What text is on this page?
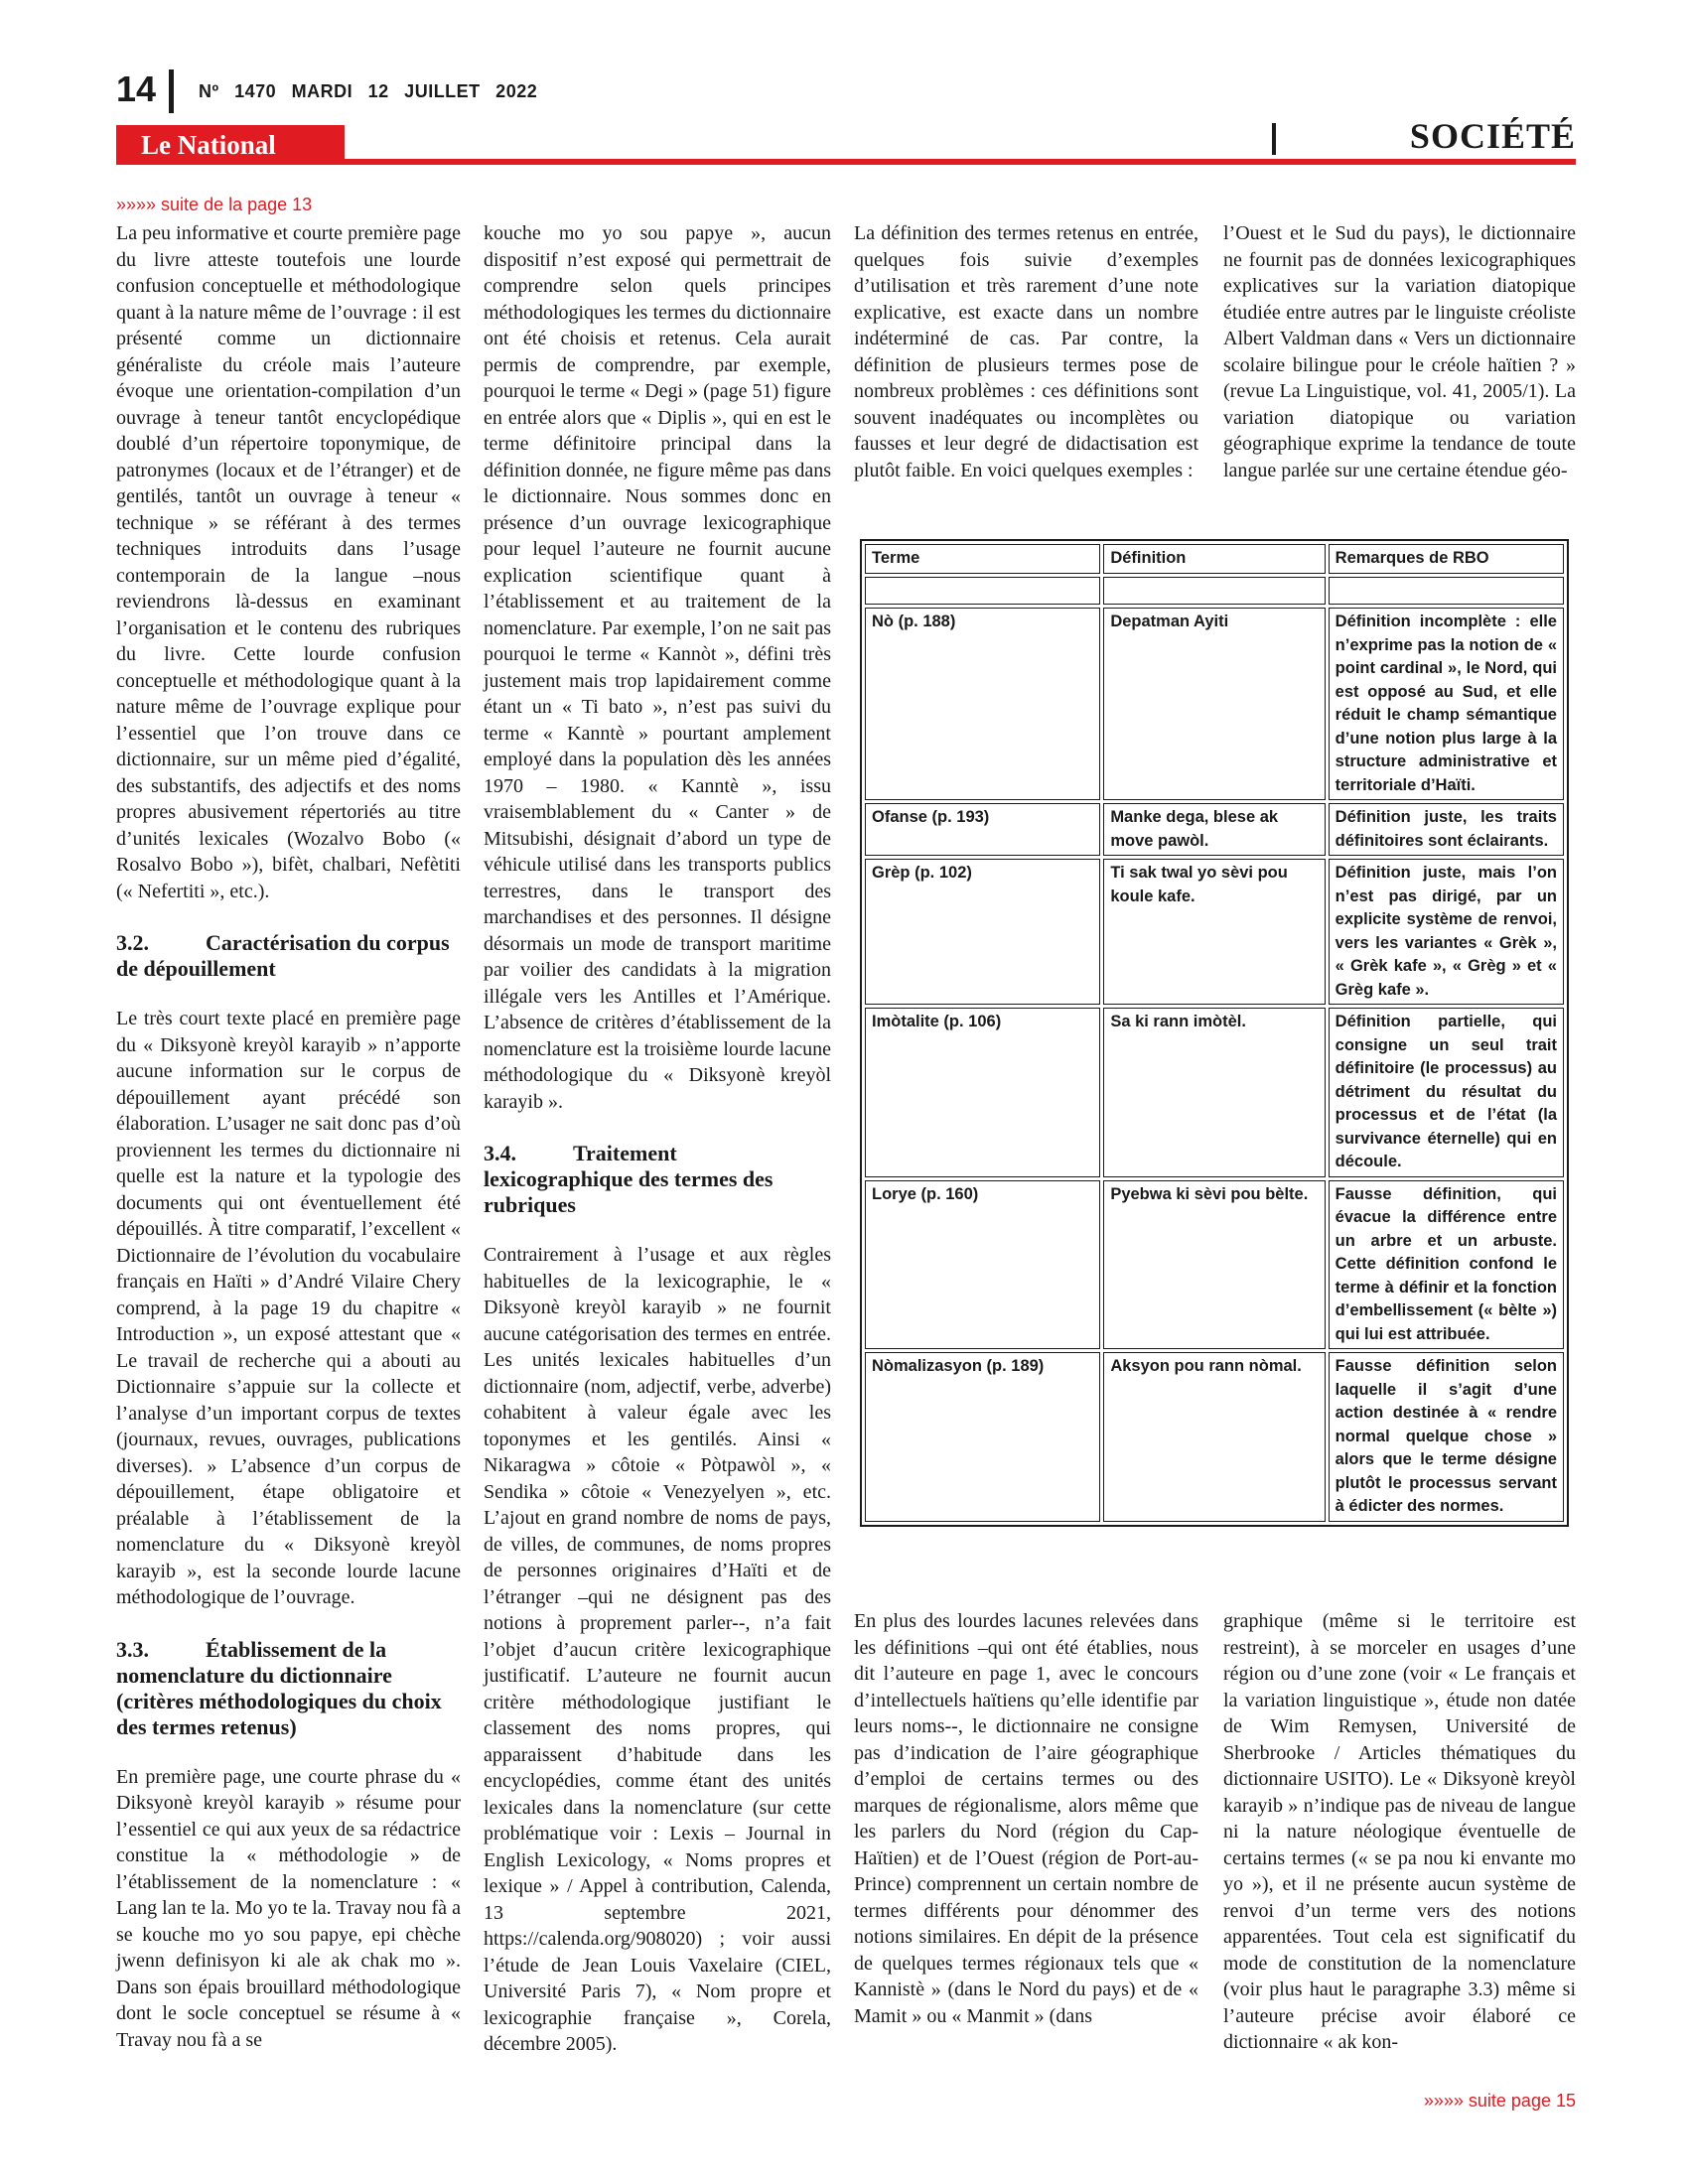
14 Nº 1470 MARDI 12 JUILLET 2022
Le National	SOCIÉTÉ
»»»» suite de la page 13

La peu informative et courte première page du livre atteste toutefois une lourde confusion conceptuelle et méthodologique quant à la nature même de l’ouvrage : il est présenté comme un dictionnaire généraliste du créole mais l’auteure évoque une orientation-compilation d’un ouvrage à teneur tantôt encyclopédique doublé d’un répertoire toponymique, de patronymes (locaux et de l’étranger) et de gentilés, tantôt un ouvrage à teneur « technique » se référant à des termes techniques introduits dans l’usage contemporain de la langue –nous reviendrons là-dessus en examinant l’organisation et le contenu des rubriques du livre. Cette lourde confusion conceptuelle et méthodologique quant à la nature même de l’ouvrage explique pour l’essentiel que l’on trouve dans ce dictionnaire, sur un même pied d’égalité, des substantifs, des adjectifs et des noms propres abusivement répertoriés au titre d’unités lexicales (Wozalvo Bobo (« Rosalvo Bobo »), bifèt, chalbari, Nefètiti (« Nefertiti », etc.).

3.2.	Caractérisation du corpus de dépouillement

Le très court texte placé en première page du « Diksyonè kreyòl karayib » n’apporte aucune information sur le corpus de dépouillement ayant précédé son élaboration. L’usager ne sait donc pas d’où proviennent les termes du dictionnaire ni quelle est la nature et la typologie des documents qui ont éventuellement été dépouillés. À titre comparatif, l’excellent « Dictionnaire de l’évolution du vocabulaire français en Haïti » d’André Vilaire Chery comprend, à la page 19 du chapitre « Introduction », un exposé attestant que « Le travail de recherche qui a abouti au Dictionnaire s’appuie sur la collecte et l’analyse d’un important corpus de textes (journaux, revues, ouvrages, publications diverses). » L’absence d’un corpus de dépouillement, étape obligatoire et préalable à l’établissement de la nomenclature du « Diksyonè kreyòl karayib », est la seconde lourde lacune méthodologique de l’ouvrage.

3.3.	Établissement de la nomenclature du dictionnaire (critères méthodologiques du choix des termes retenus)

En première page, une courte phrase du « Diksyonè kreyòl karayib » résume pour l’essentiel ce qui aux yeux de sa rédactrice constitue la « méthodologie » de l’établissement de la nomenclature : « Lang lan te la. Mo yo te la. Travay nou fà a se kouche mo yo sou papye, epi chèche jwenn definisyon ki ale ak chak mo ». Dans son épais brouillard méthodologique dont le socle conceptuel se résume à « Travay nou fà a se

kouche mo yo sou papye », aucun dispositif n’est exposé qui permettrait de comprendre selon quels principes méthodologiques les termes du dictionnaire ont été choisis et retenus. Cela aurait permis de comprendre, par exemple, pourquoi le terme « Degi » (page 51) figure en entrée alors que « Diplis », qui en est le terme définitoire principal dans la définition donnée, ne figure même pas dans le dictionnaire. Nous sommes donc en présence d’un ouvrage lexicographique pour lequel l’auteure ne fournit aucune explication scientifique quant à l’établissement et au traitement de la nomenclature. Par exemple, l’on ne sait pas pourquoi le terme « Kannòt », défini très justement mais trop lapidairement comme étant un « Ti bato », n’est pas suivi du terme « Kanntè » pourtant amplement employé dans la population dès les années 1970 – 1980. « Kanntè », issu vraisemblablement du « Canter » de Mitsubishi, désignait d’abord un type de véhicule utilisé dans les transports publics terrestres, dans le transport des marchandises et des personnes. Il désigne désormais un mode de transport maritime par voilier des candidats à la migration illégale vers les Antilles et l’Amérique. L’absence de critères d’établissement de la nomenclature est la troisième lourde lacune méthodologique du « Diksyonè kreyòl karayib ».

3.4.	Traitement lexicographique des termes des rubriques

Contrairement à l’usage et aux règles habituelles de la lexicographie, le « Diksyonè kreyòl karayib » ne fournit aucune catégorisation des termes en entrée. Les unités lexicales habituelles d’un dictionnaire (nom, adjectif, verbe, adverbe) cohabitent à valeur égale avec les toponymes et les gentilés. Ainsi « Nikaragwa » côtoie « Pòtpawòl », « Sendika » côtoie « Venezyelyen », etc. L’ajout en grand nombre de noms de pays, de villes, de communes, de noms propres de personnes originaires d’Haïti et de l’étranger –qui ne désignent pas des notions à proprement parler--, n’a fait l’objet d’aucun critère lexicographique justificatif. L’auteure ne fournit aucun critère méthodologique justifiant le classement des noms propres, qui apparaissent d’habitude dans les encyclopédies, comme étant des unités lexicales dans la nomenclature (sur cette problématique voir : Lexis – Journal in English Lexicology, « Noms propres et lexique » / Appel à contribution, Calenda, 13 septembre 2021, https://calenda.org/908020) ; voir aussi l’étude de Jean Louis Vaxelaire (CIEL, Université Paris 7), « Nom propre et lexicographie française », Corela, décembre 2005).

La définition des termes retenus en entrée, quelques fois suivie d’exemples d’utilisation et très rarement d’une note explicative, est exacte dans un nombre indéterminé de cas. Par contre, la définition de plusieurs termes pose de nombreux problèmes : ces définitions sont souvent inadéquates ou incomplètes ou fausses et leur degré de didactisation est plutôt faible. En voici quelques exemples :

l’Ouest et le Sud du pays), le dictionnaire ne fournit pas de données lexicographiques explicatives sur la variation diatopique étudiée entre autres par le linguiste créoliste Albert Valdman dans « Vers un dictionnaire scolaire bilingue pour le créole haïtien ? » (revue La Linguistique, vol. 41, 2005/1). La variation diatopique ou variation géographique exprime la tendance de toute langue parlée sur une certaine étendue géo-

Terme	Définition	Remarques de RBO

Nò (p. 188)	Depatman Ayiti	Définition incomplète : elle n’exprime pas la notion de « point cardinal », le Nord, qui est opposé au Sud, et elle réduit le champ sémantique d’une notion plus large à la structure administrative et territoriale d’Haïti.
Ofanse (p. 193)	Manke dega, blese ak move pawòl.	Définition juste, les traits définitoires sont éclairants.
Grèp (p. 102)	Ti sak twal yo sèvi pou koule kafe.	Définition juste, mais l’on n’est pas dirigé, par un explicite système de renvoi, vers les variantes « Grèk », « Grèk kafe », « Grèg » et « Grèg kafe ».
Imòtalite (p. 106)	Sa ki rann imòtèl.	Définition partielle, qui consigne un seul trait définitoire (le processus) au détriment du résultat du processus et de l’état (la survivance éternelle) qui en découle.
Lorye (p. 160)	Pyebwa ki sèvi pou bèlte.	Fausse définition, qui évacue la différence entre un arbre et un arbuste. Cette définition confond le terme à définir et la fonction d’embellissement (« bèlte ») qui lui est attribuée.
Nòmalizasyon (p. 189)	Aksyon pou rann nòmal.	Fausse définition selon laquelle il s’agit d’une action destinée à « rendre normal quelque chose » alors que le terme désigne plutôt le processus servant à édicter des normes.

En plus des lourdes lacunes relevées dans les définitions –qui ont été établies, nous dit l’auteure en page 1, avec le concours d’intellectuels haïtiens qu’elle identifie par leurs noms--, le dictionnaire ne consigne pas d’indication de l’aire géographique d’emploi de certains termes ou des marques de régionalisme, alors même que les parlers du Nord (région du Cap-Haïtien) et de l’Ouest (région de Port-au-Prince) comprennent un certain nombre de termes différents pour dénommer des notions similaires. En dépit de la présence de quelques termes régionaux tels que « Kannistè » (dans le Nord du pays) et de « Mamit » ou « Manmit » (dans

graphique (même si le territoire est restreint), à se morceler en usages d’une région ou d’une zone (voir « Le français et la variation linguistique », étude non datée de Wim Remysen, Université de Sherbrooke / Articles thématiques du dictionnaire USITO). Le « Diksyonè kreyòl karayib » n’indique pas de niveau de langue ni la nature néologique éventuelle de certains termes (« se pa nou ki envante mo yo »), et il ne présente aucun système de renvoi d’un terme vers des notions apparentées. Tout cela est significatif du mode de constitution de la nomenclature (voir plus haut le paragraphe 3.3) même si l’auteure précise avoir élaboré ce dictionnaire « ak kon-

»»»» suite page 15
